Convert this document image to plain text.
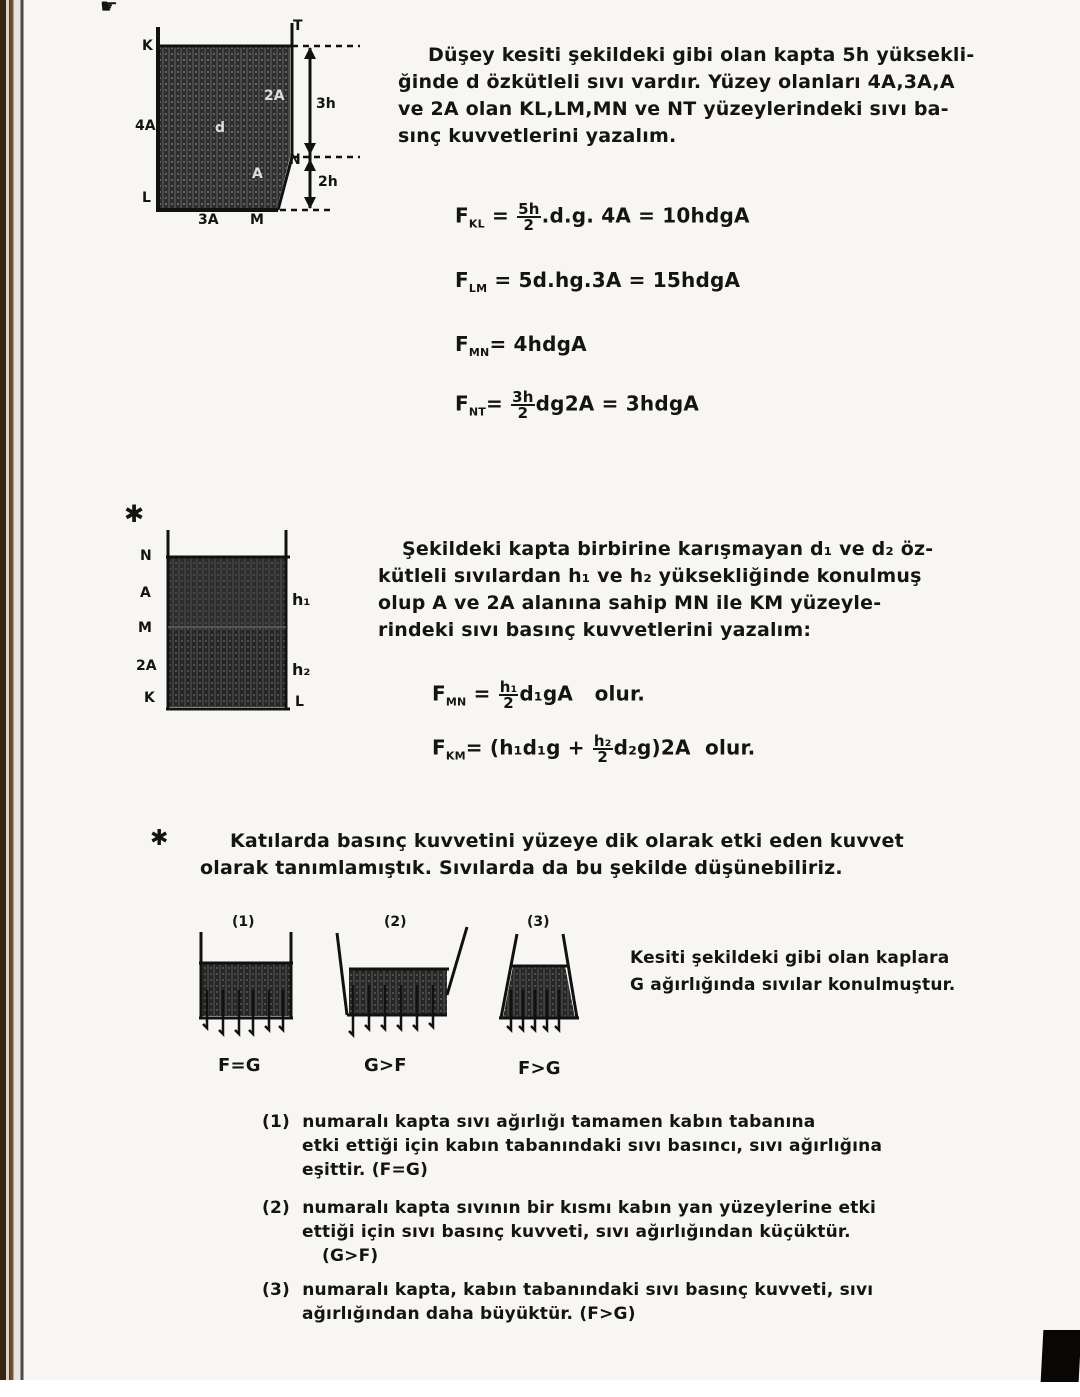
☛
K
4A
L
3A M
N
T
2A
A
d
3h
2h

Düşey kesiti şekildeki gibi olan kapta 5h yüksekli-

ğinde d özkütleli sıvı vardır. Yüzey olanları 4A,3A,A

ve 2A olan KL,LM,MN ve NT yüzeylerindeki sıvı ba-

sınç kuvvetlerini yazalım.

$F_{KL} = \frac{5h}{2} .d.g$. 4A = 10hdgA
$F_{LM} = 5d.hg.3A$ = 15hdgA
$F_{MN}=$ 4hdgA
$F_{NT}= \frac{3h}{2} dg2A$ = 3hdgA
✱
N
A
M
2A
K	L
h₁
h₂

Şekildeki kapta birbirine karışmayan d₁ ve d₂ öz-

kütleli sıvılardan h₁ ve h₂ yüksekliğinde konulmuş

olup A ve 2A alanına sahip MN ile KM yüzeyle-

rindeki sıvı basınç kuvvetlerini yazalım:

$F_{MN} = \frac{\text{h₁}}{2} d_1gA$ olur.
$F_{KM}= (h_1d_1g + \frac{\text{h₂}}{2} d_2g)2A$ olur.
✱	Katılarda basınç kuvvetini yüzeye dik olarak etki eden kuvvet

olarak tanımlamıştık. Sıvılarda da bu şekilde düşünebiliriz.

(1)
F=G
(2)
G>F
(3)
F>G

Kesiti şekildeki gibi olan kaplara

G ağırlığında sıvılar konulmuştur.

(1) numaralı kapta sıvı ağırlığı tamamen kabın tabanına

etki ettiği için kabın tabanındaki sıvı basıncı, sıvı ağırlığına

eşittir. (F=G)

(2) numaralı kapta sıvının bir kısmı kabın yan yüzeylerine etki

ettiği için sıvı basınç kuvveti, sıvı ağırlığından küçüktür.

(G>F)

(3) numaralı kapta, kabın tabanındaki sıvı basınç kuvveti, sıvı

ağırlığından daha büyüktür. (F>G)
